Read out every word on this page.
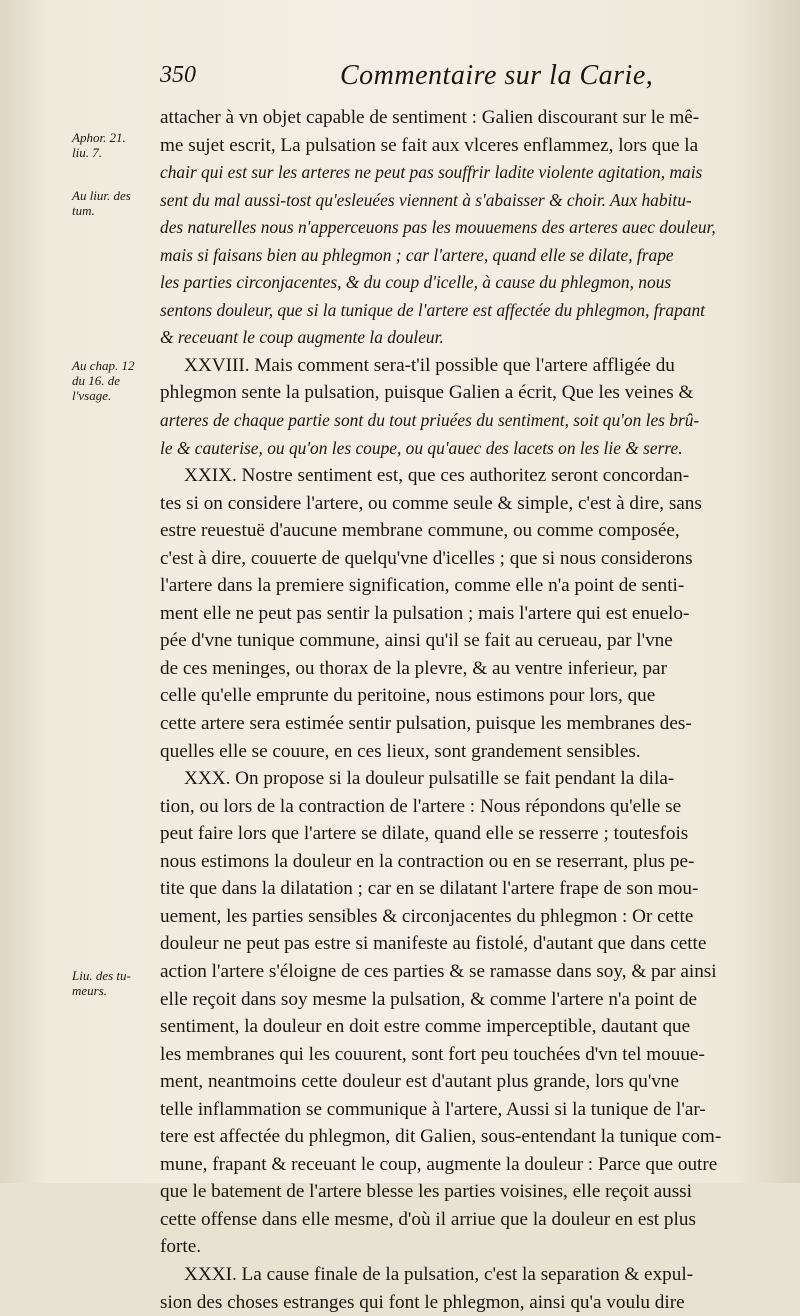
350	Commentaire sur la Carie,
Aphor. 21.
liu. 7.
Au liur. des
tum.
Au chap. 12
du 16. de
l'vsage.
Liu. des tu-
meurs.
attacher à vn objet capable de sentiment : Galien discourant sur le mê-
me sujet escrit, La pulsation se fait aux vlceres enflammez, lors que la
chair qui est sur les arteres ne peut pas souffrir ladite violente agitation, mais
sent du mal aussi-tost qu'esleuées viennent à s'abaisser & choir. Aux habitu-
des naturelles nous n'apperceuons pas les mouuemens des arteres auec douleur,
mais si faisans bien au phlegmon ; car l'artere, quand elle se dilate, frape
les parties circonjacentes, & du coup d'icelle, à cause du phlegmon, nous
sentons douleur, que si la tunique de l'artere est affectée du phlegmon, frapant
& receuant le coup augmente la douleur.
XXVIII. Mais comment sera-t'il possible que l'artere affligée du
phlegmon sente la pulsation, puisque Galien a écrit, Que les veines &
arteres de chaque partie sont du tout priuées du sentiment, soit qu'on les brû-
le & cauterise, ou qu'on les coupe, ou qu'auec des lacets on les lie & serre.
XXIX. Nostre sentiment est, que ces authoritez seront concordan-
tes si on considere l'artere, ou comme seule & simple, c'est à dire, sans
estre reuestuë d'aucune membrane commune, ou comme composée,
c'est à dire, couuerte de quelqu'vne d'icelles ; que si nous considerons
l'artere dans la premiere signification, comme elle n'a point de senti-
ment elle ne peut pas sentir la pulsation ; mais l'artere qui est enuelo-
pée d'vne tunique commune, ainsi qu'il se fait au cerueau, par l'vne
de ces meninges, ou thorax de la plevre, & au ventre inferieur, par
celle qu'elle emprunte du peritoine, nous estimons pour lors, que
cette artere sera estimée sentir pulsation, puisque les membranes des-
quelles elle se couure, en ces lieux, sont grandement sensibles.
XXX. On propose si la douleur pulsatille se fait pendant la dila-
tion, ou lors de la contraction de l'artere : Nous répondons qu'elle se
peut faire lors que l'artere se dilate, quand elle se resserre ; toutesfois
nous estimons la douleur en la contraction ou en se reserrant, plus pe-
tite que dans la dilatation ; car en se dilatant l'artere frape de son mou-
uement, les parties sensibles & circonjacentes du phlegmon : Or cette
douleur ne peut pas estre si manifeste au fistolé, d'autant que dans cette
action l'artere s'éloigne de ces parties & se ramasse dans soy, & par ainsi
elle reçoit dans soy mesme la pulsation, & comme l'artere n'a point de
sentiment, la douleur en doit estre comme imperceptible, dautant que
les membranes qui les couurent, sont fort peu touchées d'vn tel mouue-
ment, neantmoins cette douleur est d'autant plus grande, lors qu'vne
telle inflammation se communique à l'artere, Aussi si la tunique de l'ar-
tere est affectée du phlegmon, dit Galien, sous-entendant la tunique com-
mune, frapant & receuant le coup, augmente la douleur : Parce que outre
que le batement de l'artere blesse les parties voisines, elle reçoit aussi
cette offense dans elle mesme, d'où il arriue que la douleur en est plus
forte.
XXXI. La cause finale de la pulsation, c'est la separation & expul-
sion des choses estranges qui font le phlegmon, ainsi qu'a voulu dire
